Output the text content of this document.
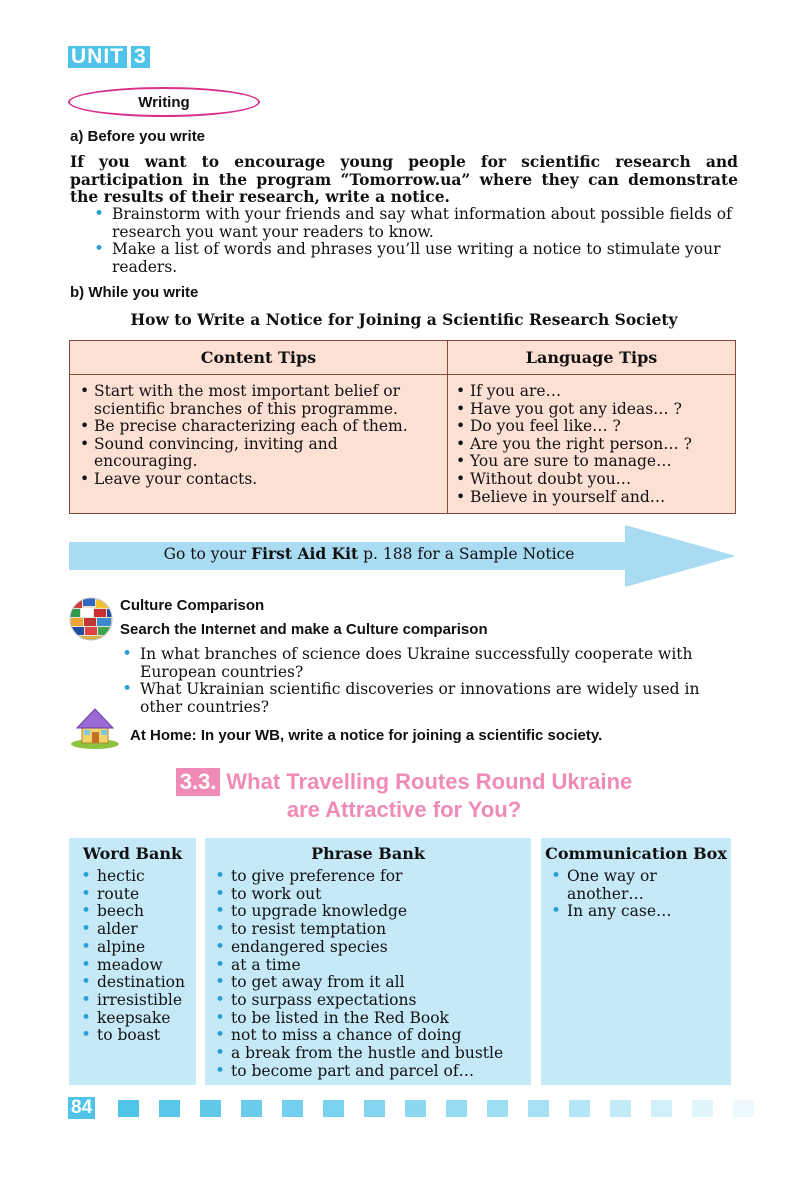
UNIT 3
Writing
a) Before you write
If you want to encourage young people for scientific research and participation in the program “Tomorrow.ua” where they can demonstrate the results of their research, write a notice.
• Brainstorm with your friends and say what information about possible fields of research you want your readers to know.
• Make a list of words and phrases you’ll use writing a notice to stimulate your readers.
b) While you write
How to Write a Notice for Joining a Scientific Research Society
Content Tips
• Start with the most important belief or scientific branches of this programme.
• Be precise characterizing each of them.
• Sound convincing, inviting and encouraging.
• Leave your contacts.
Language Tips
• If you are…
• Have you got any ideas… ?
• Do you feel like… ?
• Are you the right person… ?
• You are sure to manage…
• Without doubt you…
• Believe in yourself and…
Go to your First Aid Kit p. 188 for a Sample Notice
Culture Comparison
Search the Internet and make a Culture comparison
• In what branches of science does Ukraine successfully cooperate with European countries?
• What Ukrainian scientific discoveries or innovations are widely used in other countries?
At Home: In your WB, write a notice for joining a scientific society.
3.3. What Travelling Routes Round Ukraine
are Attractive for You?
Word Bank
• hectic
• route
• beech
• alder
• alpine
• meadow
• destination
• irresistible
• keepsake
• to boast
Phrase Bank
• to give preference for
• to work out
• to upgrade knowledge
• to resist temptation
• endangered species
• at a time
• to get away from it all
• to surpass expectations
• to be listed in the Red Book
• not to miss a chance of doing
• a break from the hustle and bustle
• to become part and parcel of…
Communication Box
• One way or another…
• In any case…
84
